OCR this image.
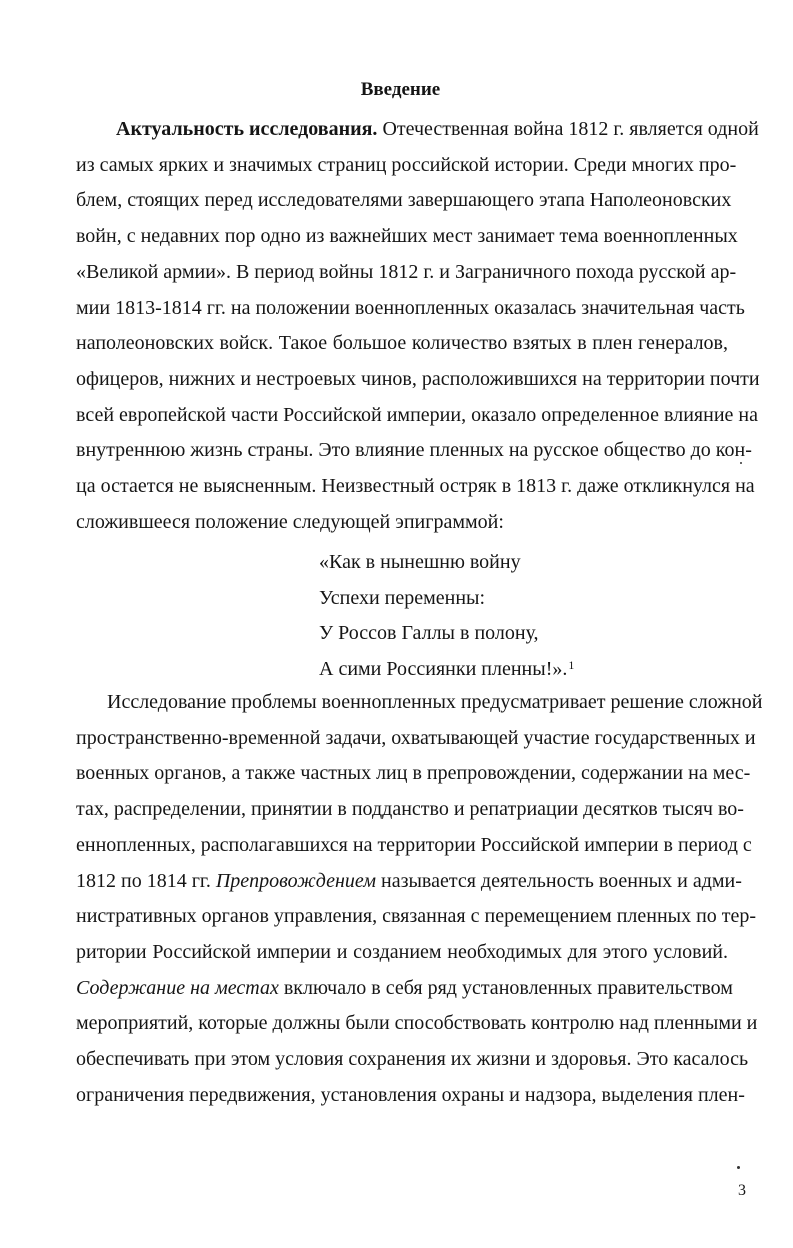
Введение
Актуальность исследования. Отечественная война 1812 г. является одной
из самых ярких и значимых страниц российской истории. Среди многих про-
блем, стоящих перед исследователями завершающего этапа Наполеоновских
войн, с недавних пор одно из важнейших мест занимает тема военнопленных
«Великой армии». В период войны 1812 г. и Заграничного похода русской ар-
мии 1813-1814 гг. на положении военнопленных оказалась значительная часть
наполеоновских войск. Такое большое количество взятых в плен генералов,
офицеров, нижних и нестроевых чинов, расположившихся на территории почти
всей европейской части Российской империи, оказало определенное влияние на
внутреннюю жизнь страны. Это влияние пленных на русское общество до кон-
ца остается не выясненным. Неизвестный остряк в 1813 г. даже откликнулся на
сложившееся положение следующей эпиграммой:
«Как в нынешню войну
Успехи переменны:
У Россов Галлы в полону,
А сими Россиянки пленны!».$^1$
Исследование проблемы военнопленных предусматривает решение сложной
пространственно-временной задачи, охватывающей участие государственных и
военных органов, а также частных лиц в препровождении, содержании на мес-
тах, распределении, принятии в подданство и репатриации десятков тысяч во-
еннопленных, располагавшихся на территории Российской империи в период с
1812 по 1814 гг. Препровождением называется деятельность военных и адми-
нистративных органов управления, связанная с перемещением пленных по тер-
ритории Российской империи и созданием необходимых для этого условий.
Содержание на местах включало в себя ряд установленных правительством
мероприятий, которые должны были способствовать контролю над пленными и
обеспечивать при этом условия сохранения их жизни и здоровья. Это касалось
ограничения передвижения, установления охраны и надзора, выделения плен-
3
